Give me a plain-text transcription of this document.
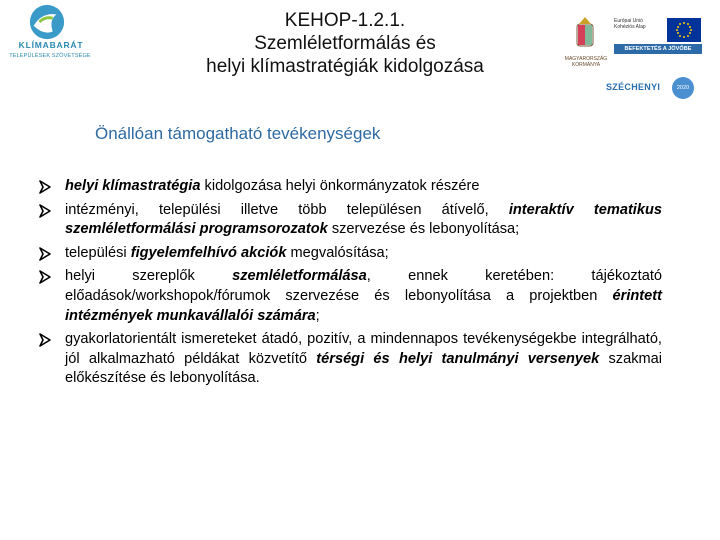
KLÍMABARÁT
TELEPÜLÉSEK SZÖVETSÉGE
KEHOP-1.2.1.
Szemléletformálás és
helyi klímastratégiák kidolgozása	MAGYARORSZÁG
KORMÁNYA
Európai Unió
Kohéziós Alap
BEFEKTETÉS A JÖVŐBE
SZÉCHENYI	2020
Önállóan támogatható tevékenységek
helyi klímastratégia kidolgozása helyi önkormányzatok részére
intézményi, települési illetve több településen átívelő, interaktív tematikus szemléletformálási programsorozatok szervezése és lebonyolítása;
települési figyelemfelhívó akciók megvalósítása;
helyi szereplők szemléletformálása, ennek keretében: tájékoztató előadások/workshopok/fórumok szervezése és lebonyolítása a projektben érintett intézmények munkavállalói számára;
gyakorlatorientált ismereteket átadó, pozitív, a mindennapos tevékenységekbe integrálható, jól alkalmazható példákat közvetítő térségi és helyi tanulmányi versenyek szakmai előkészítése és lebonyolítása.
